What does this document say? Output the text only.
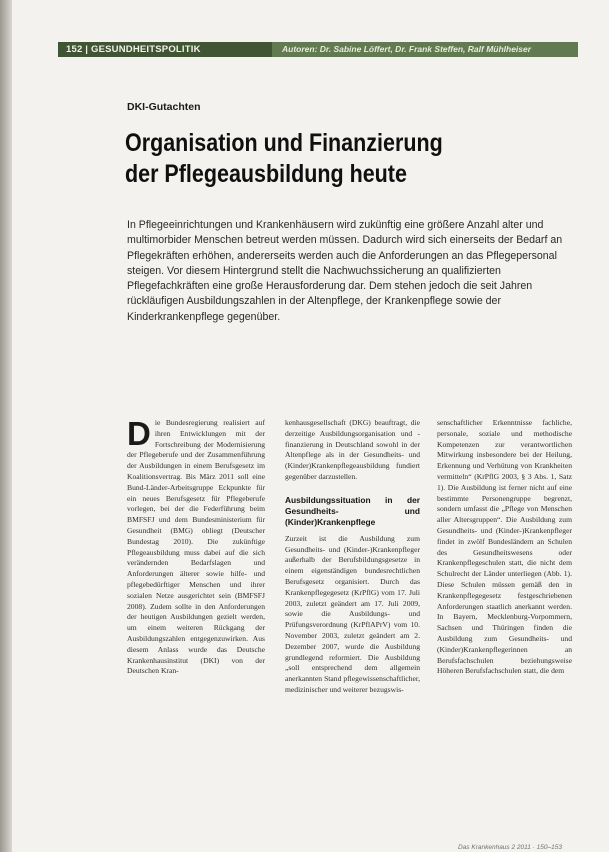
152 | GESUNDHEITSPOLITIK	Autoren: Dr. Sabine Löffert, Dr. Frank Steffen, Ralf Mühlheiser
DKI-Gutachten
Organisation und Finanzierung
der Pflegeausbildung heute
In Pflegeeinrichtungen und Krankenhäusern wird zukünftig eine größere Anzahl alter und multimorbider Menschen betreut werden müssen. Dadurch wird sich einerseits der Bedarf an Pflegekräften erhöhen, andererseits werden auch die Anforderungen an das Pflegepersonal steigen. Vor diesem Hintergrund stellt die Nachwuchssicherung an qualifizierten Pflegefachkräften eine große Herausforderung dar. Dem stehen jedoch die seit Jahren rückläufigen Ausbildungszahlen in der Altenpflege, der Krankenpflege sowie der Kinderkrankenpflege gegenüber.
D ie Bundesregierung realisiert auf ihren Entwicklungen mit der Fortschreibung der Modernisierung der Pflegeberufe und der Zusammenführung der Ausbildungen in einem Berufsgesetz im Koalitionsvertrag. Bis März 2011 soll eine Bund-Länder-Arbeitsgruppe Eckpunkte für ein neues Berufsgesetz für Pflegeberufe vorlegen, bei der die Federführung beim BMFSFJ und dem Bundesministerium für Gesundheit (BMG) obliegt (Deutscher Bundestag 2010). Die zukünftige Pflegeausbildung muss dabei auf die sich verändernden Bedarfslagen und Anforderungen älterer sowie hilfe- und pflegebedürftiger Menschen und ihrer sozialen Netze ausgerichtet sein (BMFSFJ 2008). Zudem sollte in den Anforderungen der heutigen Ausbildungen gezielt werden, um einem weiteren Rückgang der Ausbildungszahlen entgegenzuwirken. Aus diesem Anlass wurde das Deutsche Krankenhausinstitut (DKI) von der Deutschen Kran-

kenhausgesellschaft (DKG) beauftragt, die derzeitige Ausbildungsorganisation und -finanzierung in Deutschland sowohl in der Altenpflege als in der Gesundheits- und (Kinder)Krankenpflegeausbildung fundiert gegenüber darzustellen.

Ausbildungssituation in der Gesundheits- und (Kinder)Krankenpflege

Zurzeit ist die Ausbildung zum Gesundheits- und (Kinder-)Krankenpfleger außerhalb der Berufsbildungsgesetze in einem eigenständigen bundesrechtlichen Berufsgesetz organisiert. Durch das Krankenpflegegesetz (KrPflG) vom 17. Juli 2003, zuletzt geändert am 17. Juli 2009, sowie die Ausbildungs- und Prüfungsverordnung (KrPflAPrV) vom 10. November 2003, zuletzt geändert am 2. Dezember 2007, wurde die Ausbildung grundlegend reformiert. Die Ausbildung „soll entsprechend dem allgemein anerkannten Stand pflegewissenschaftlicher, medizinischer und weiterer bezugswis-

senschaftlicher Erkenntnisse fachliche, personale, soziale und methodische Kompetenzen zur verantwortlichen Mitwirkung insbesondere bei der Heilung, Erkennung und Verhütung von Krankheiten vermitteln“ (KrPflG 2003, § 3 Abs. 1, Satz 1). Die Ausbildung ist ferner nicht auf eine bestimmte Personengruppe begrenzt, sondern umfasst die „Pflege von Menschen aller Altersgruppen“. Die Ausbildung zum Gesundheits- und (Kinder-)Krankenpfleger findet in zwölf Bundesländern an Schulen des Gesundheitswesens oder Krankenpflegeschulen statt, die nicht dem Schulrecht der Länder unterliegen (Abb. 1). Diese Schulen müssen gemäß den in Krankenpflegegesetz festgeschriebenen Anforderungen staatlich anerkannt werden. In Bayern, Mecklenburg-Vorpommern, Sachsen und Thüringen finden die Ausbildung zum Gesundheits- und (Kinder)Krankenpflegerinnen an Berufsfachschulen beziehungsweise Höheren Berufsfachschulen statt, die dem

Das Krankenhaus 2 2011 · 150–153
